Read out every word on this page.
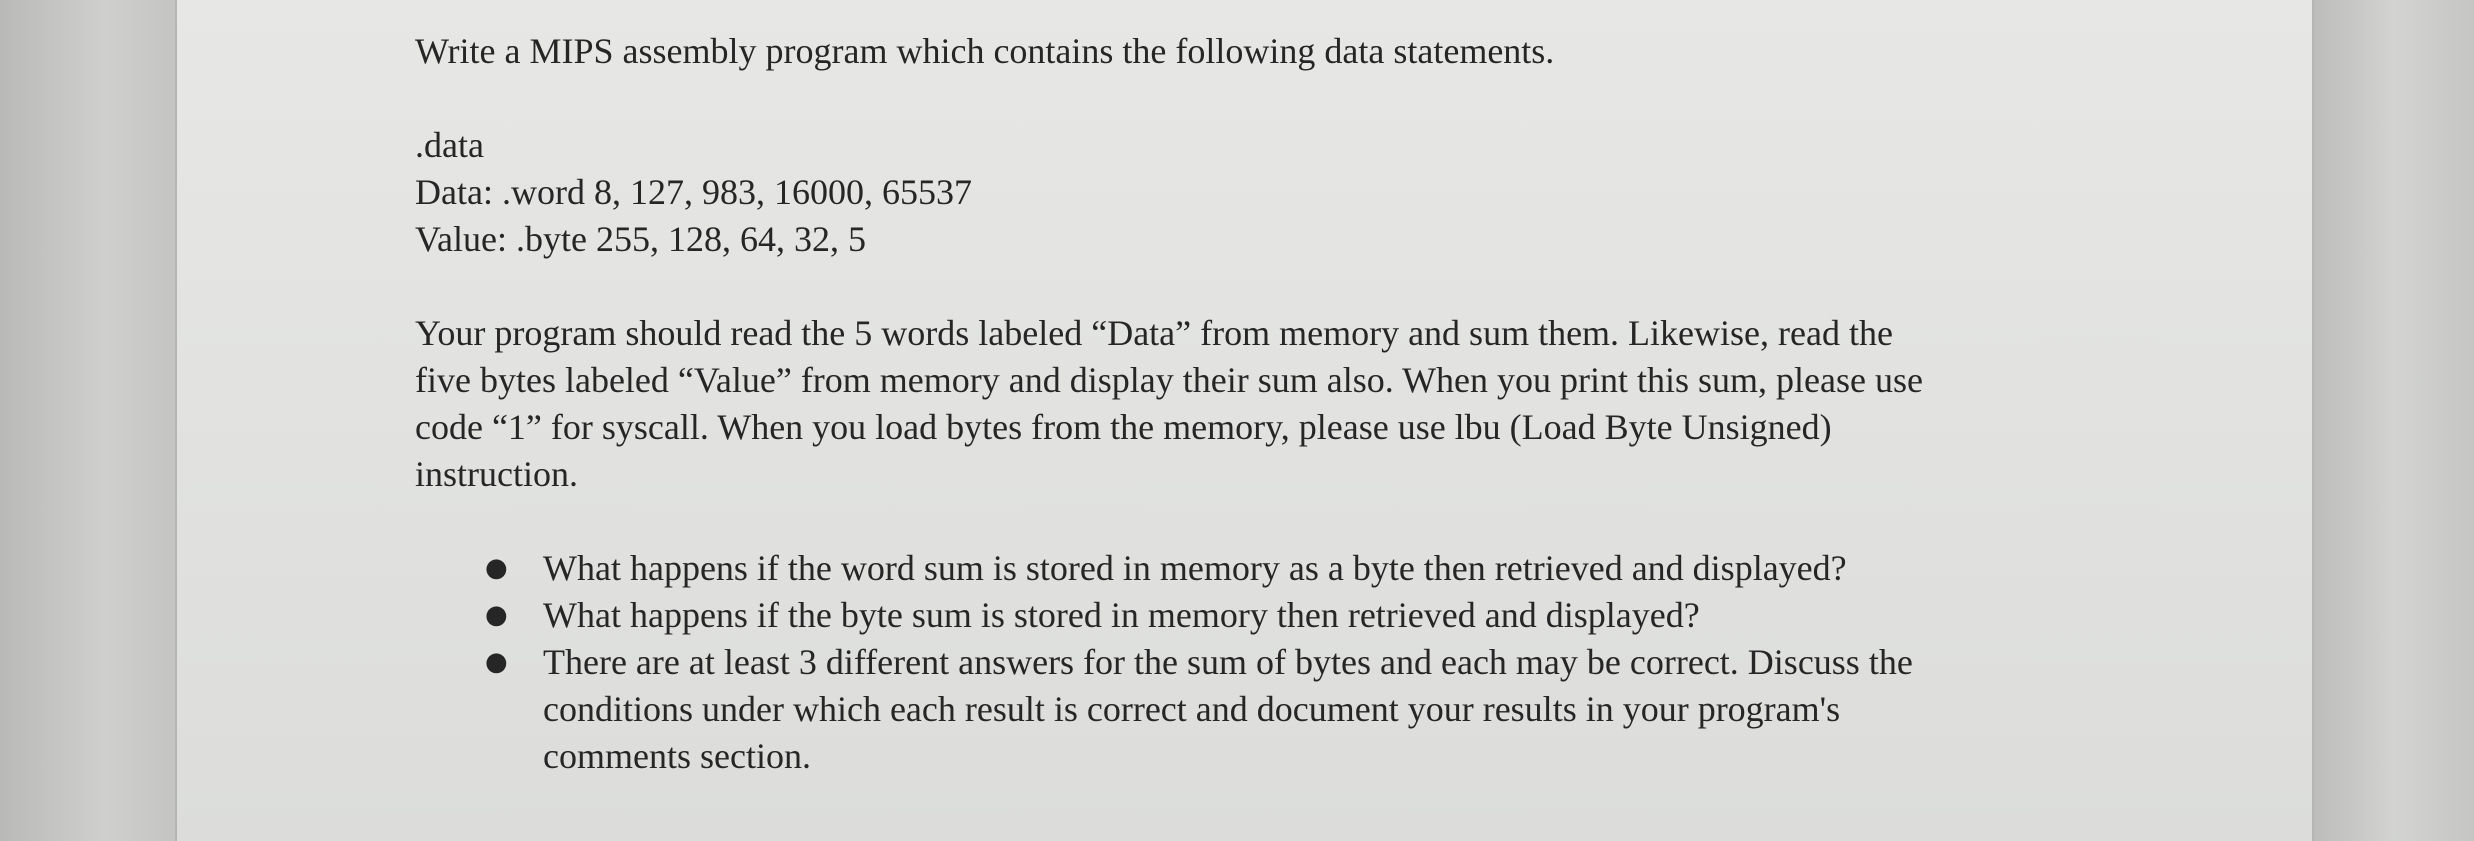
Write a MIPS assembly program which contains the following data statements.

.data

Data: .word 8, 127, 983, 16000, 65537

Value: .byte 255, 128, 64, 32, 5

Your program should read the 5 words labeled “Data” from memory and sum them. Likewise, read the five bytes labeled “Value” from memory and display their sum also. When you print this sum, please use code “1” for syscall. When you load bytes from the memory, please use lbu (Load Byte Unsigned) instruction.

● What happens if the word sum is stored in memory as a byte then retrieved and displayed?
● What happens if the byte sum is stored in memory then retrieved and displayed?
● There are at least 3 different answers for the sum of bytes and each may be correct. Discuss the conditions under which each result is correct and document your results in your program's comments section.
